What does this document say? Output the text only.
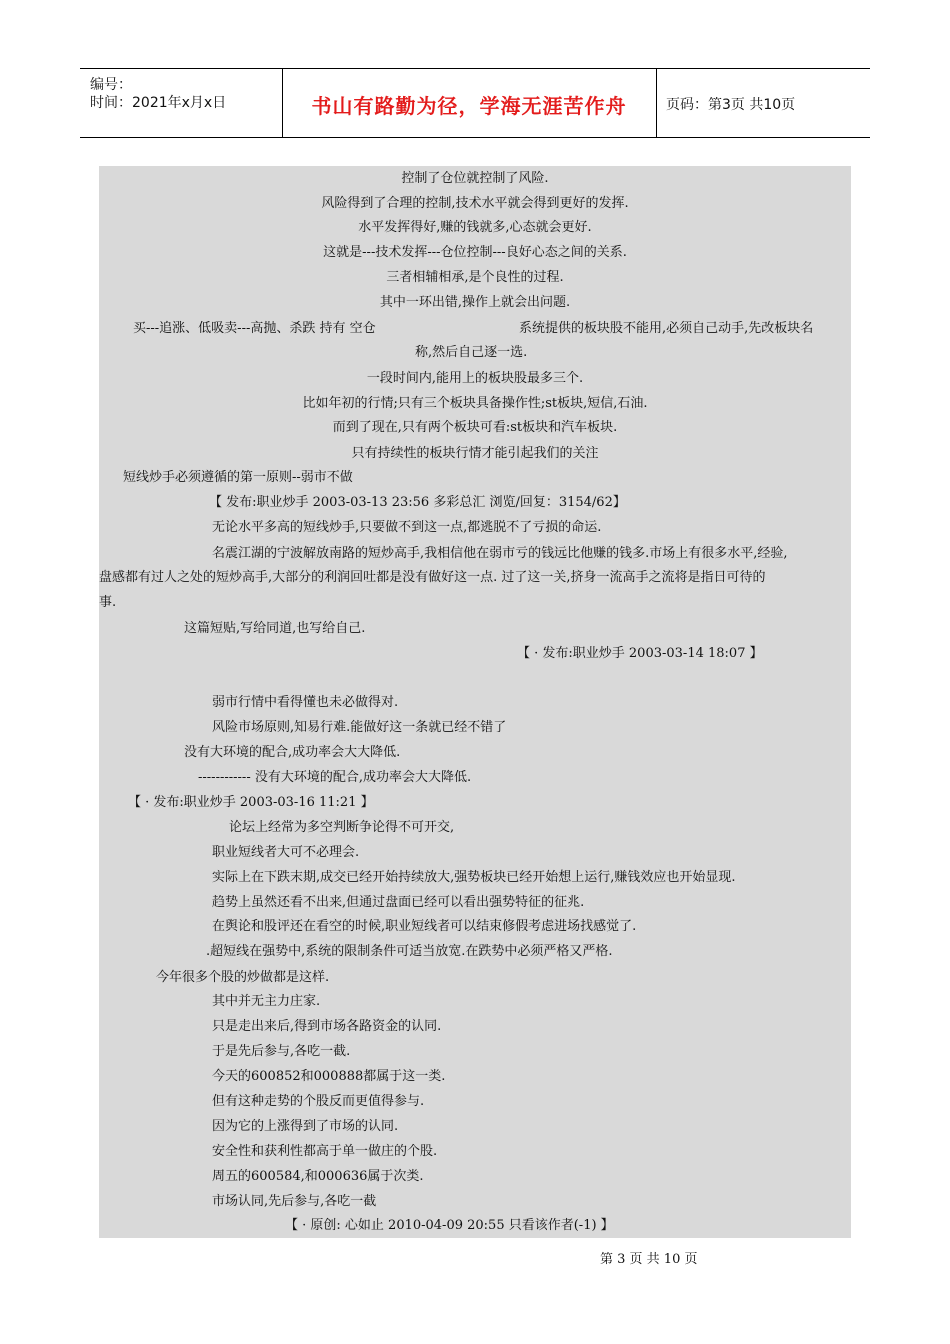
编号：
时间：2021年x月x日	书山有路勤为径，学海无涯苦作舟	页码：第3页 共10页
控制了仓位就控制了风险.
风险得到了合理的控制,技术水平就会得到更好的发挥.
水平发挥得好,赚的钱就多,心态就会更好.
这就是---技术发挥---仓位控制---良好心态之间的关系.
三者相辅相承,是个良性的过程.
其中一环出错,操作上就会出问题.
买---追涨、低吸卖---高抛、杀跌 持有 空仓	系统提供的板块股不能用,必须自己动手,先改板块名
称,然后自己逐一选.
一段时间内,能用上的板块股最多三个.
比如年初的行情;只有三个板块具备操作性;st板块,短信,石油.
而到了现在,只有两个板块可看:st板块和汽车板块.
只有持续性的板块行情才能引起我们的关注
短线炒手必须遵循的第一原则--弱市不做
【 发布:职业炒手 2003-03-13 23:56 多彩总汇 浏览/回复：3154/62】
无论水平多高的短线炒手,只要做不到这一点,都逃脱不了亏损的命运.
名震江湖的宁波解放南路的短炒高手,我相信他在弱市亏的钱远比他赚的钱多.市场上有很多水平,经验,
盘感都有过人之处的短炒高手,大部分的利润回吐都是没有做好这一点. 过了这一关,挤身一流高手之流将是指日可待的
事.
这篇短贴,写给同道,也写给自己.
【 · 发布:职业炒手 2003-03-14 18:07 】
弱市行情中看得懂也未必做得对.
风险市场原则,知易行难.能做好这一条就已经不错了
没有大环境的配合,成功率会大大降低.
------------ 没有大环境的配合,成功率会大大降低.
【 · 发布:职业炒手 2003-03-16 11:21 】
论坛上经常为多空判断争论得不可开交,
职业短线者大可不必理会.
实际上在下跌末期,成交已经开始持续放大,强势板块已经开始想上运行,赚钱效应也开始显现.
趋势上虽然还看不出来,但通过盘面已经可以看出强势特征的征兆.
在舆论和股评还在看空的时候,职业短线者可以结束修假考虑进场找感觉了.
.超短线在强势中,系统的限制条件可适当放宽.在跌势中必须严格又严格.
今年很多个股的炒做都是这样.
其中并无主力庄家.
只是走出来后,得到市场各路资金的认同.
于是先后参与,各吃一截.
今天的600852和000888都属于这一类.
但有这种走势的个股反而更值得参与.
因为它的上涨得到了市场的认同.
安全性和获利性都高于单一做庄的个股.
周五的600584,和000636属于次类.
市场认同,先后参与,各吃一截
【 · 原创: 心如止 2010-04-09 20:55 只看该作者(-1) 】
第 3 页 共 10 页
